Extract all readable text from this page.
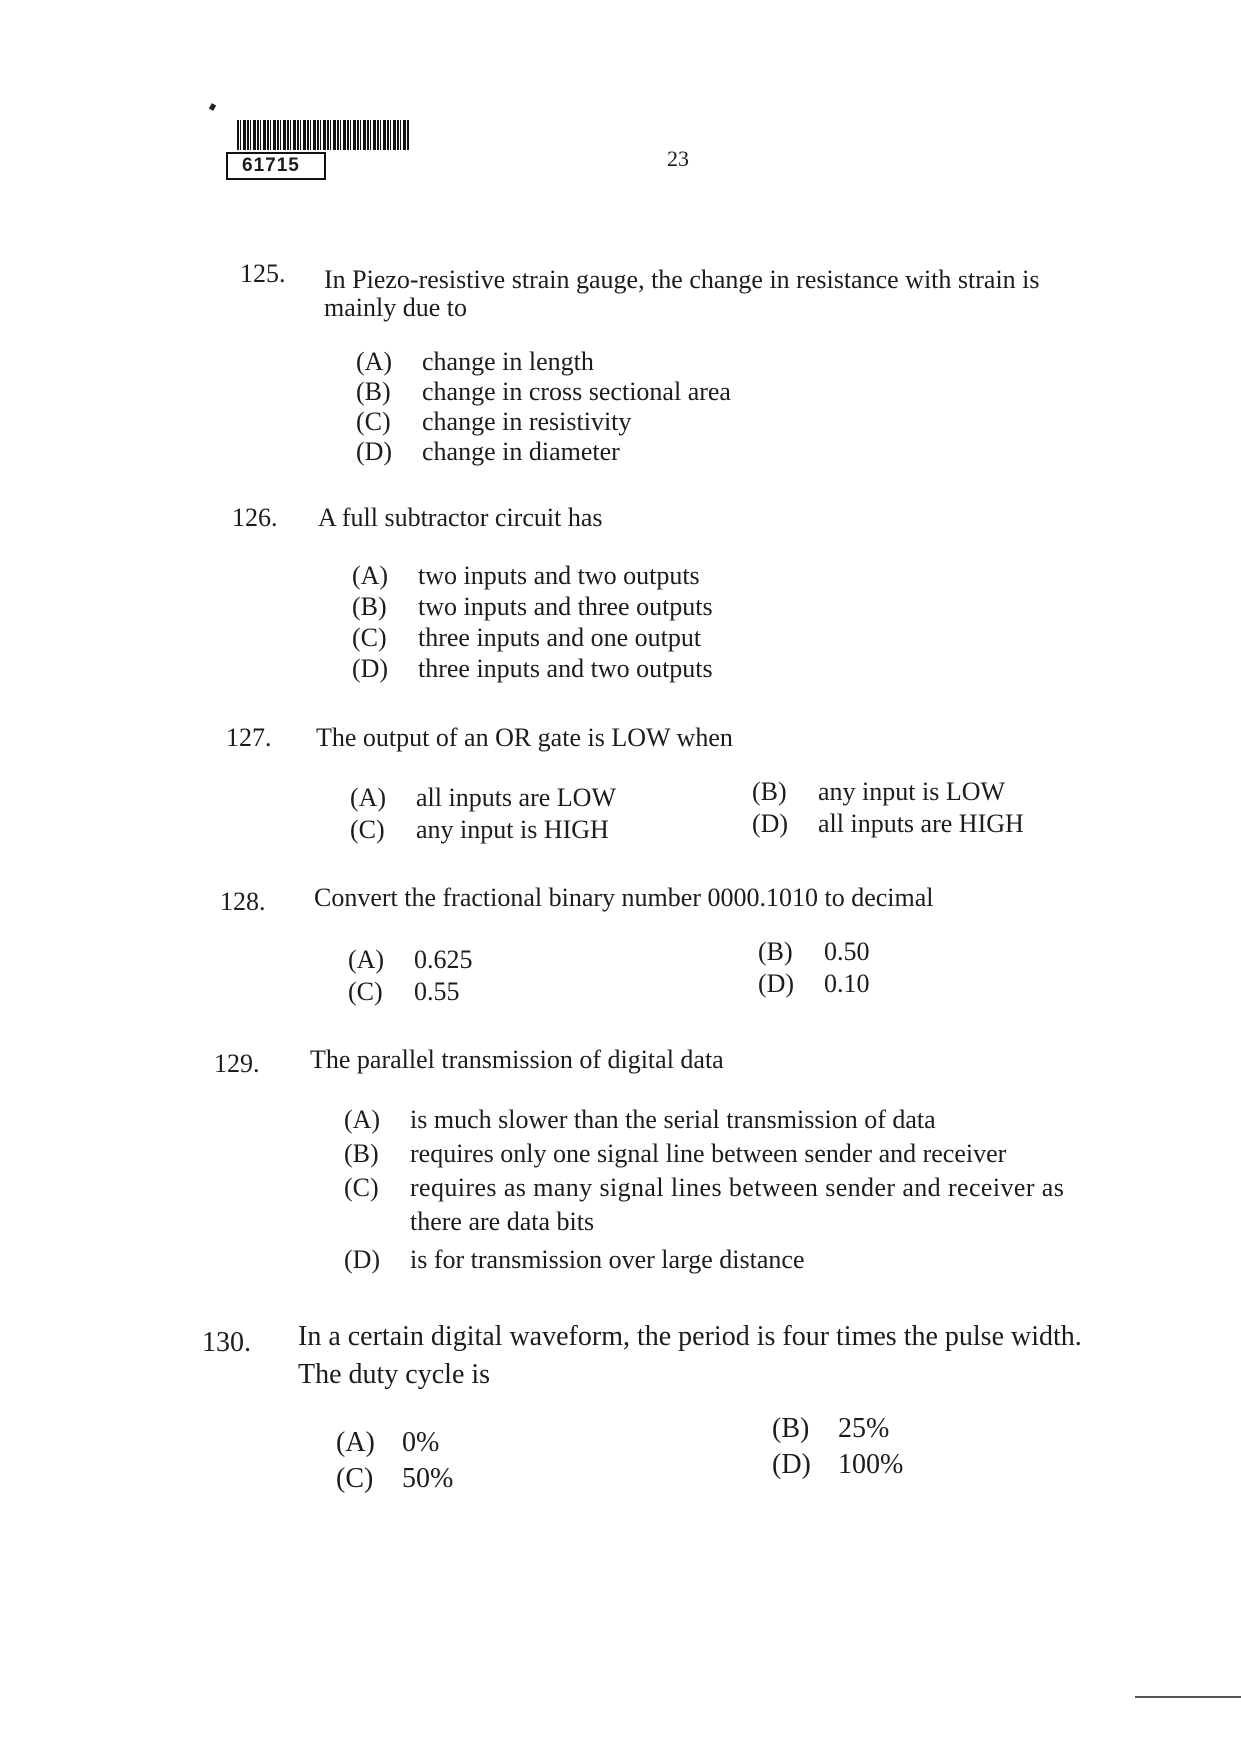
61715	23
125. In Piezo-resistive strain gauge, the change in resistance with strain is
mainly due to
(A) change in length
(B) change in cross sectional area
(C) change in resistivity
(D) change in diameter
126. A full subtractor circuit has
(A) two inputs and two outputs
(B) two inputs and three outputs
(C) three inputs and one output
(D) three inputs and two outputs
127. The output of an OR gate is LOW when
(A) all inputs are LOW	(B) any input is LOW
(C) any input is HIGH	(D) all inputs are HIGH
128. Convert the fractional binary number 0000.1010 to decimal
(A) 0.625	(B) 0.50
(C) 0.55	(D) 0.10
129. The parallel transmission of digital data
(A) is much slower than the serial transmission of data
(B) requires only one signal line between sender and receiver
(C) requires as many signal lines between sender and receiver as
there are data bits
(D) is for transmission over large distance
130. In a certain digital waveform, the period is four times the pulse width.
The duty cycle is
(A) 0%	(B) 25%
(C) 50%	(D) 100%
